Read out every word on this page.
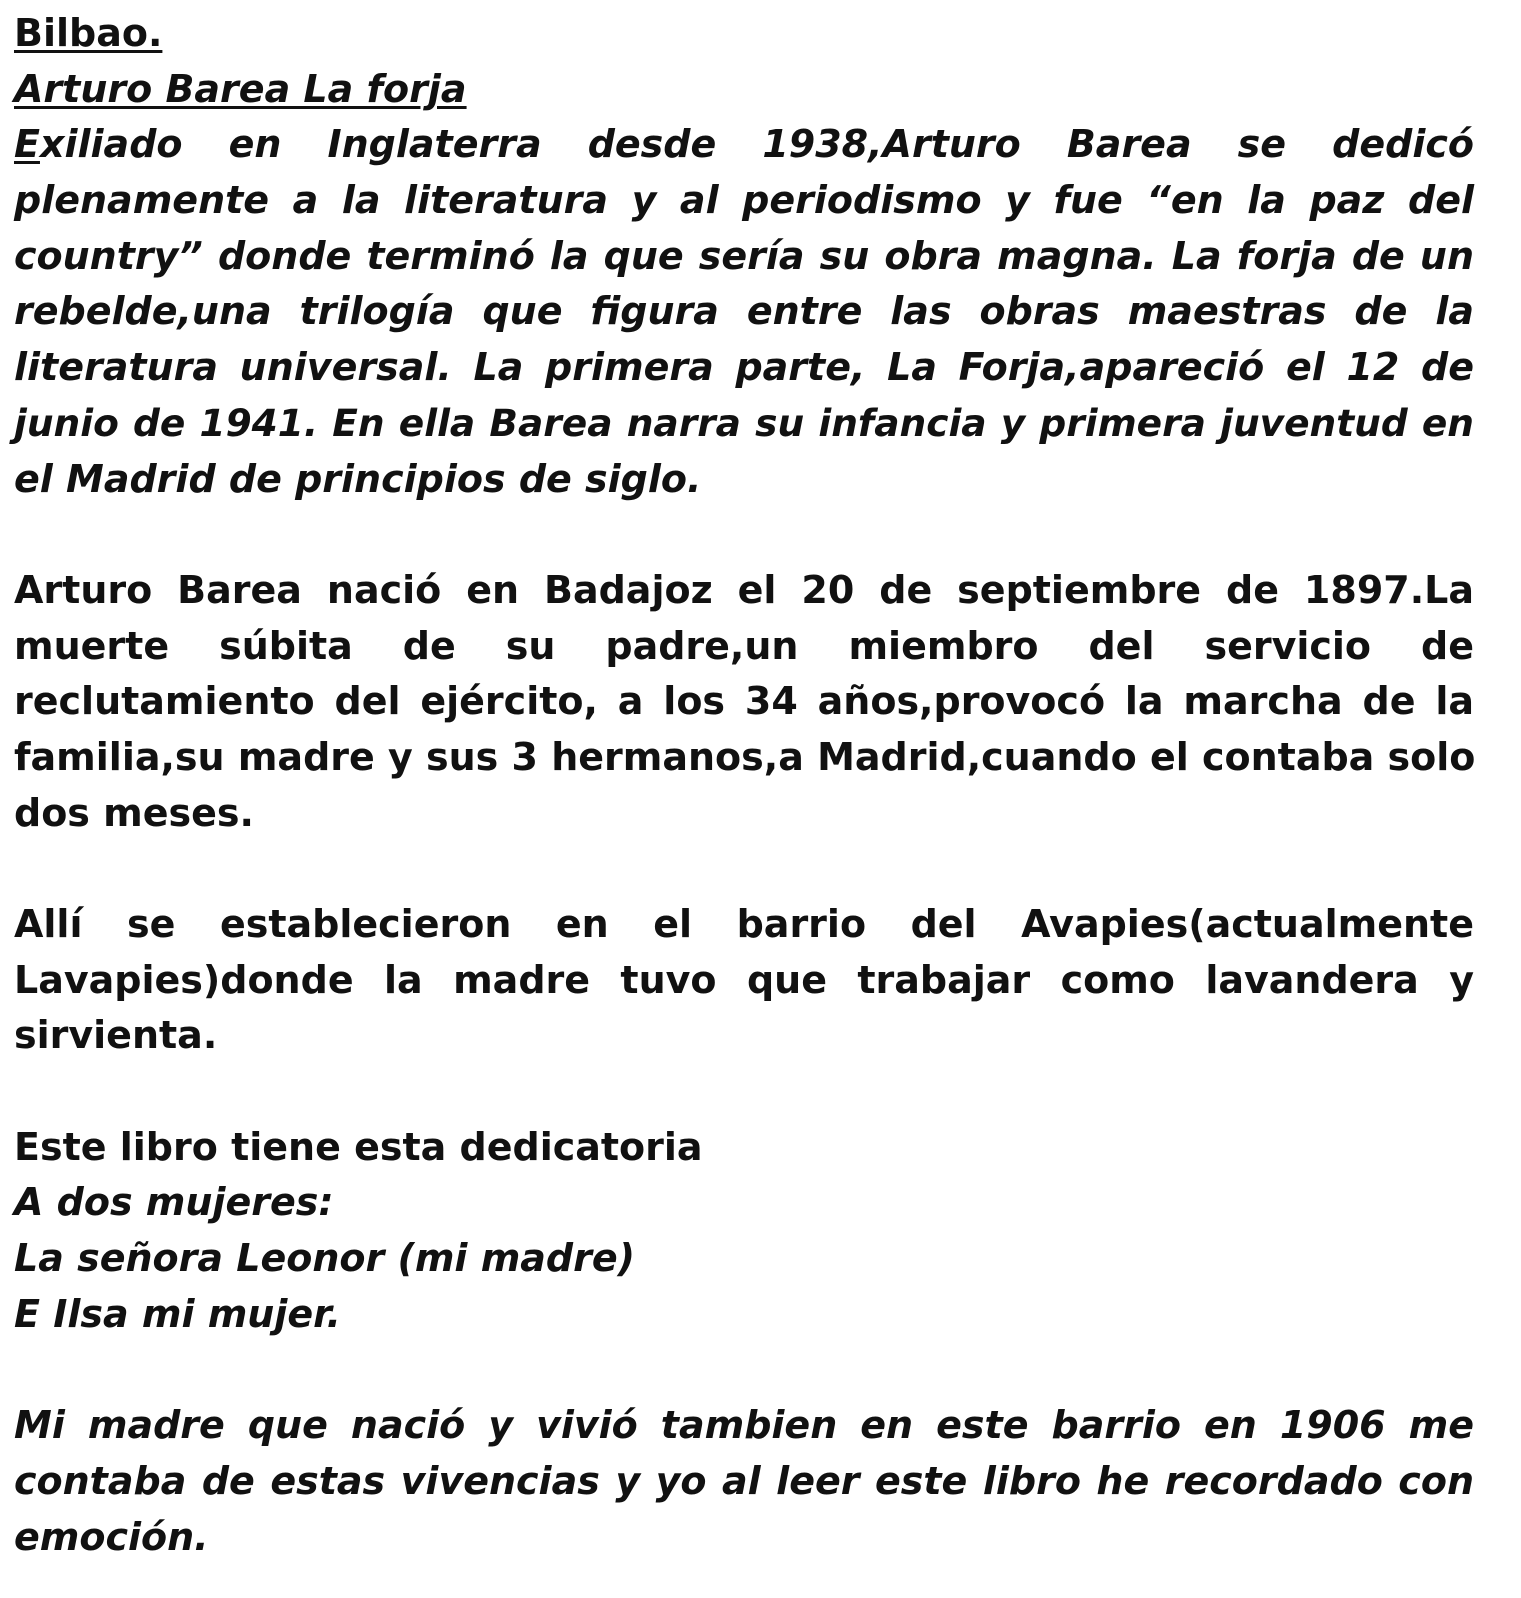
Bilbao.
Arturo Barea La forja
Exiliado en Inglaterra desde 1938,Arturo Barea se dedicó
plenamente a la literatura y al periodismo y fue “en la paz del
country” donde terminó la que sería su obra magna. La forja de un
rebelde,una trilogía que figura entre las obras maestras de la
literatura universal. La primera parte, La Forja,apareció el 12 de
junio de 1941. En ella Barea narra su infancia y primera juventud en
el Madrid de principios de siglo.
Arturo Barea nació en Badajoz el 20 de septiembre de 1897.La
muerte súbita de su padre,un miembro del servicio de
reclutamiento del ejército, a los 34 años,provocó la marcha de la
familia,su madre y sus 3 hermanos,a Madrid,cuando el contaba solo
dos meses.
Allí se establecieron en el barrio del Avapies(actualmente
Lavapies)donde la madre tuvo que trabajar como lavandera y
sirvienta.
Este libro tiene esta dedicatoria
A dos mujeres:
La señora Leonor (mi madre)
E Ilsa mi mujer.
Mi madre que nació y vivió tambien en este barrio en 1906 me
contaba de estas vivencias y yo al leer este libro he recordado con
emoción.
